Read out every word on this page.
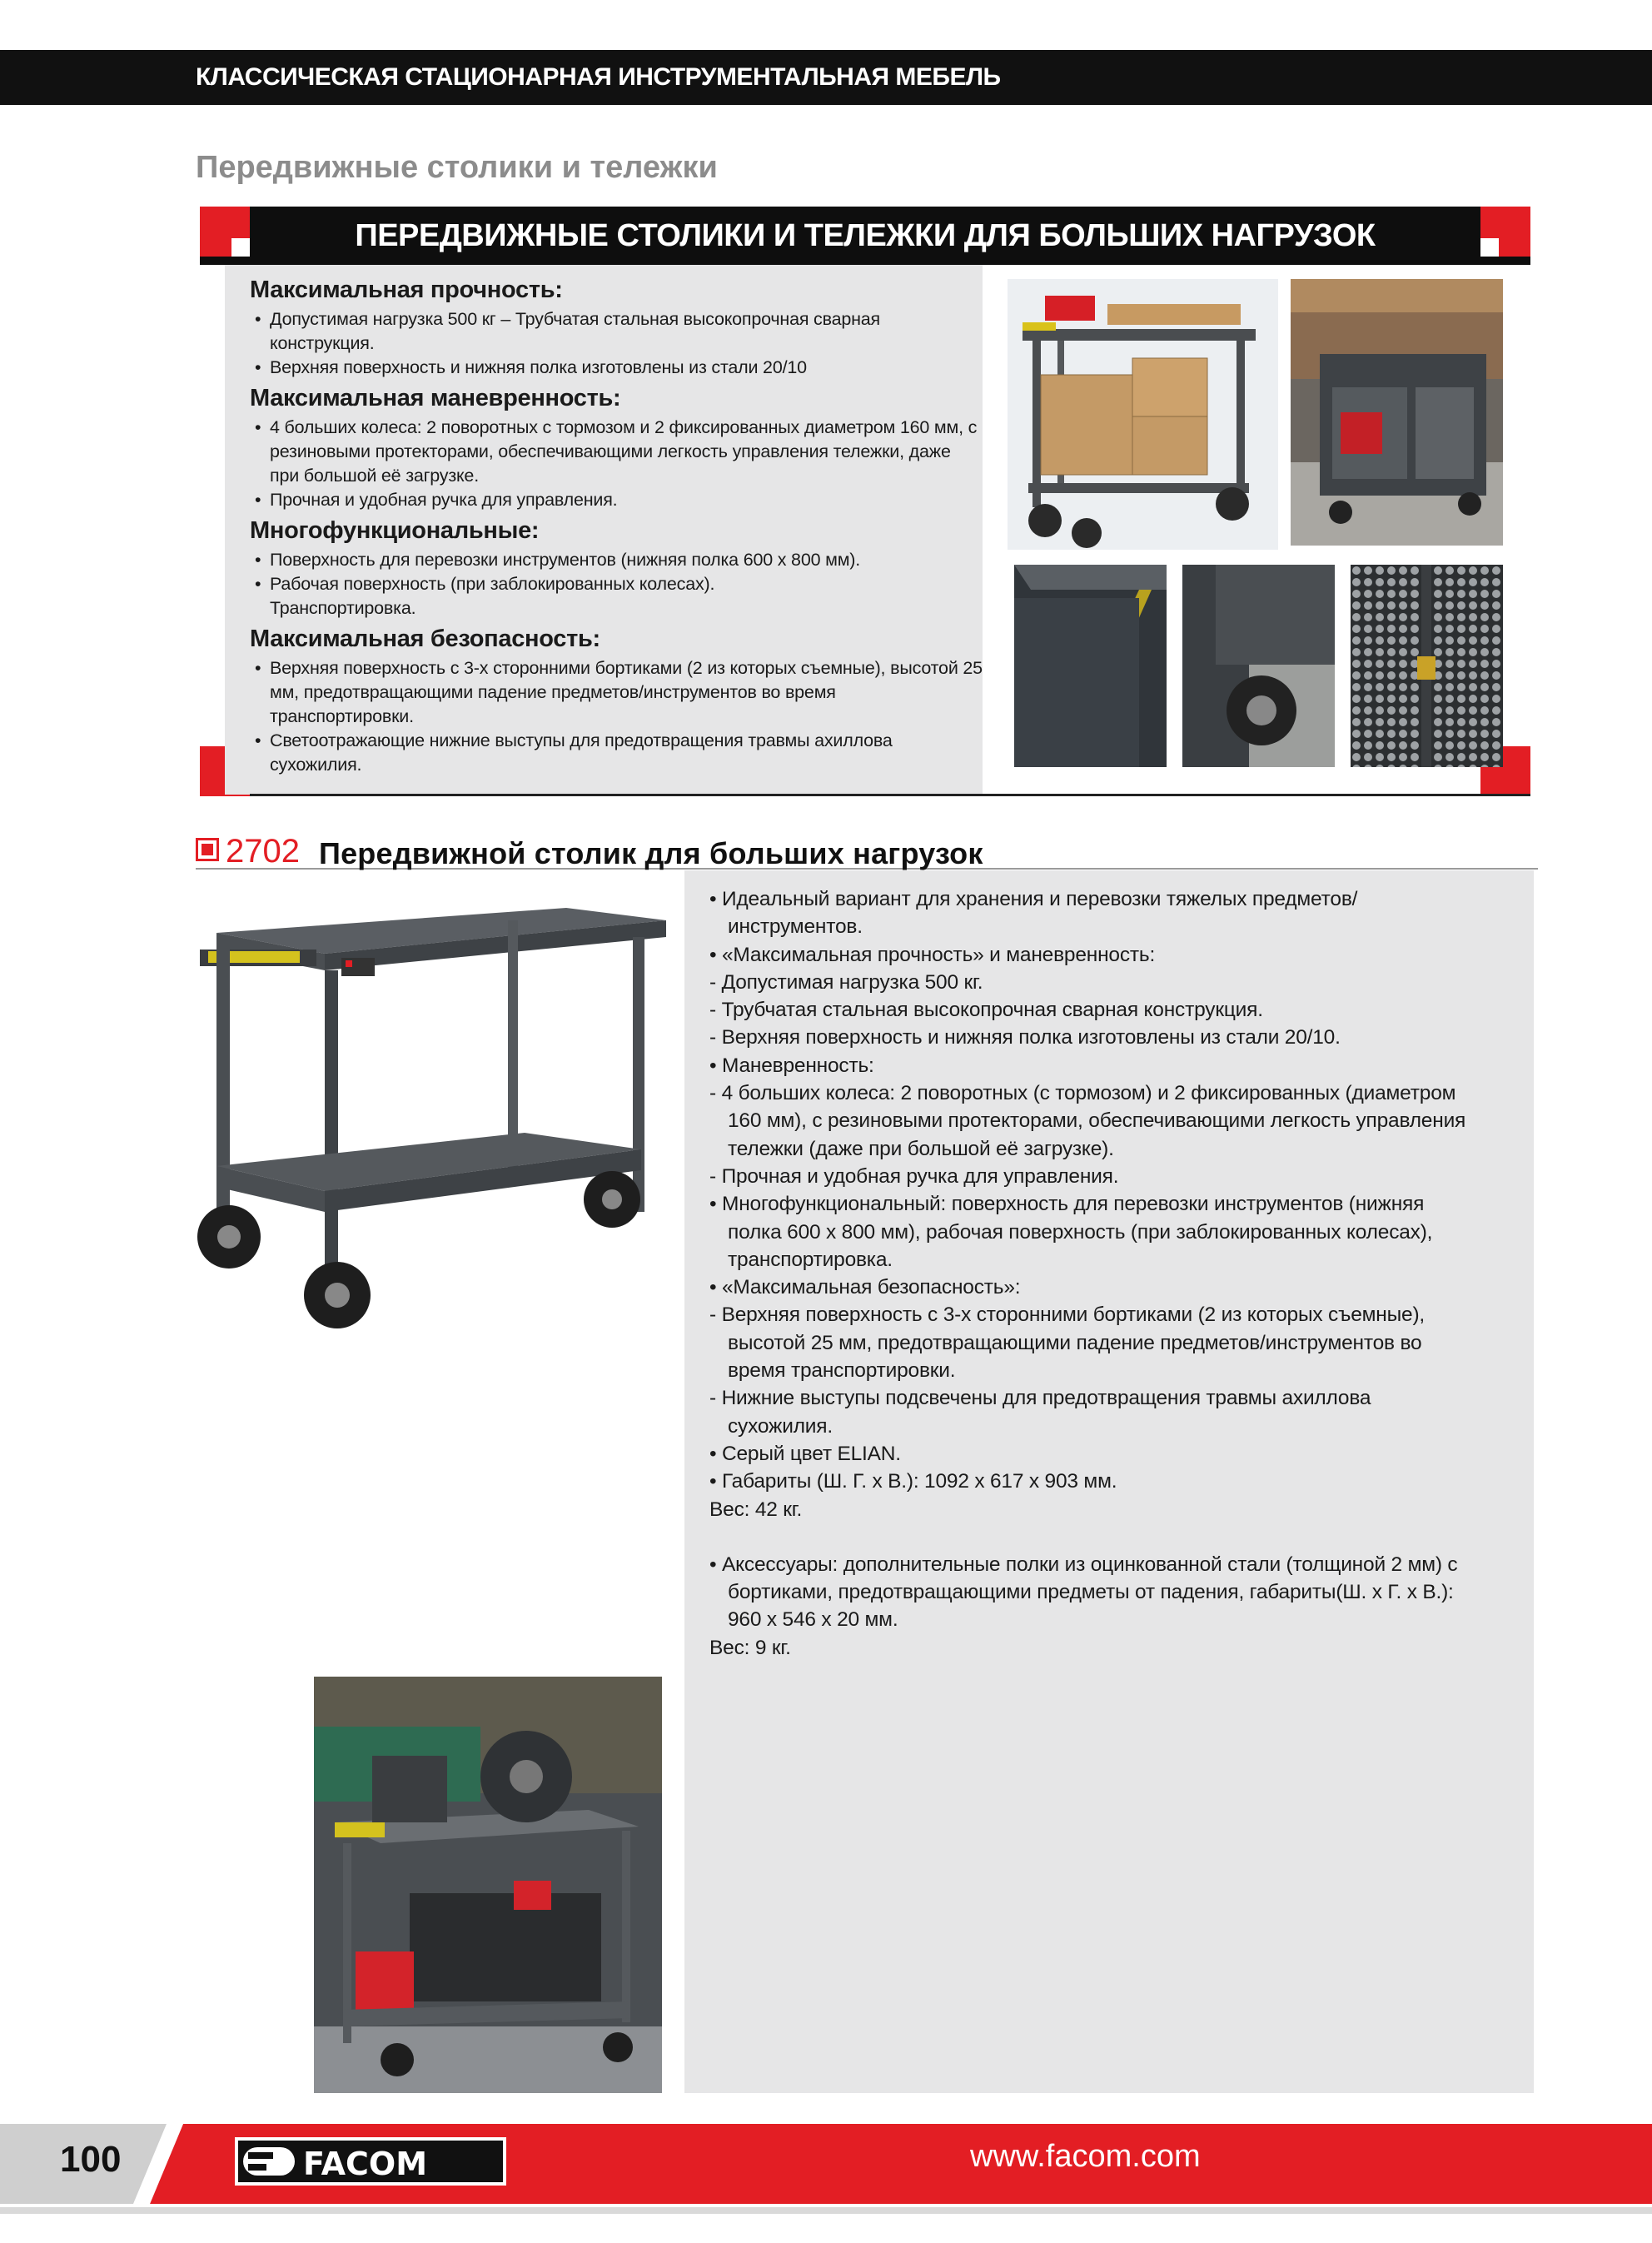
КЛАССИЧЕСКАЯ СТАЦИОНАРНАЯ ИНСТРУМЕНТАЛЬНАЯ МЕБЕЛЬ
Передвижные столики и тележки
ПЕРЕДВИЖНЫЕ СТОЛИКИ И ТЕЛЕЖКИ ДЛЯ БОЛЬШИХ НАГРУЗОК
Максимальная прочность:
• Допустимая нагрузка 500 кг – Трубчатая стальная высокопрочная сварная конструкция.
• Верхняя поверхность и нижняя полка изготовлены из стали 20/10
Максимальная маневренность:
• 4 больших колеса: 2 поворотных с тормозом и 2 фиксированных диаметром 160 мм, с резиновыми протекторами, обеспечивающими легкость управления тележки, даже при большой её загрузке.
• Прочная и удобная ручка для управления.
Многофункциональные:
• Поверхность для перевозки инструментов (нижняя полка 600 x 800 мм).
• Рабочая поверхность (при заблокированных колесах).
Транспортировка.
Максимальная безопасность:
• Верхняя поверхность с 3-х сторонними бортиками (2 из которых съемные), высотой 25 мм, предотвращающими падение предметов/инструментов во время транспортировки.
• Светоотражающие нижние выступы для предотвращения травмы ахиллова сухожилия.
2702 Передвижной столик для больших нагрузок

• Идеальный вариант для хранения и перевозки тяжелых предметов/

инструментов.

• «Максимальная прочность» и маневренность:

- Допустимая нагрузка 500 кг.

- Трубчатая стальная высокопрочная сварная конструкция.

- Верхняя поверхность и нижняя полка изготовлены из стали 20/10.

• Маневренность:

- 4 больших колеса: 2 поворотных (с тормозом) и 2 фиксированных (диаметром

160 мм), с резиновыми протекторами, обеспечивающими легкость управления

тележки (даже при большой её загрузке).

- Прочная и удобная ручка для управления.

• Многофункциональный: поверхность для перевозки инструментов (нижняя

полка 600 x 800 мм), рабочая поверхность (при заблокированных колесах),

транспортировка.

• «Максимальная безопасность»:

- Верхняя поверхность с 3-х сторонними бортиками (2 из которых съемные),

высотой 25 мм, предотвращающими падение предметов/инструментов во

время транспортировки.

- Нижние выступы подсвечены для предотвращения травмы ахиллова

сухожилия.

• Серый цвет ELIAN.

• Габариты (Ш. Г. x В.): 1092 x 617 x 903 мм.

Вес: 42 кг.

• Аксессуары: дополнительные полки из оцинкованной стали (толщиной 2 мм) с

бортиками, предотвращающими предметы от падения, габариты(Ш. x Г. x В.):

960 x 546 x 20 мм.

Вес: 9 кг.

100	FACOM	www.facom.com
